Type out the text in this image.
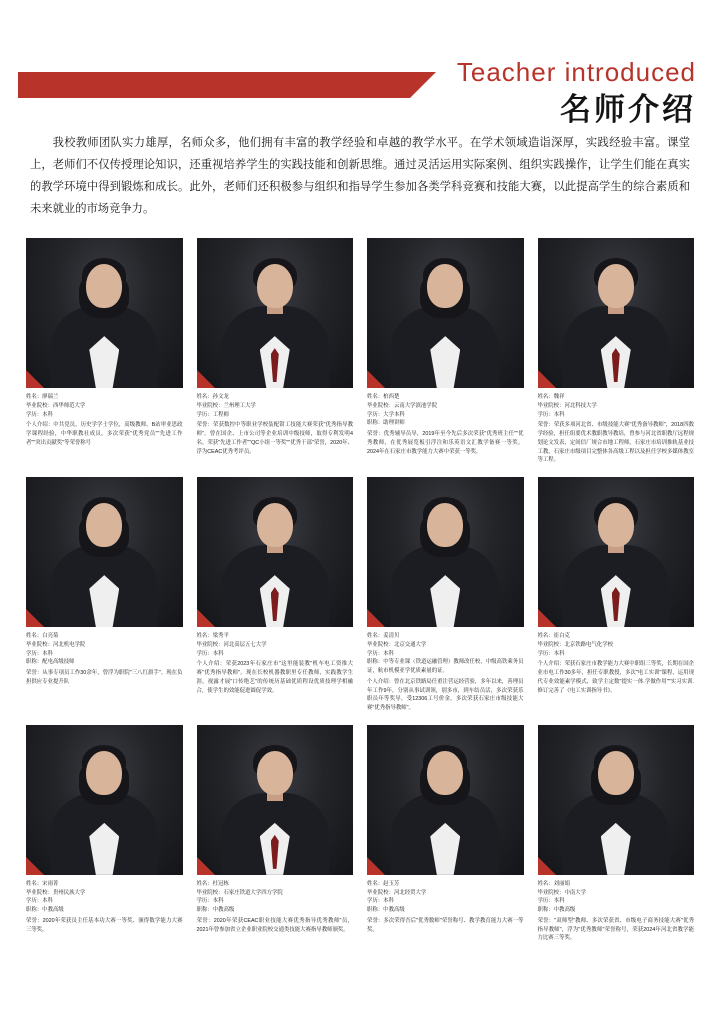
Teacher introduced
名师介绍

我校教师团队实力雄厚，名师众多，他们拥有丰富的教学经验和卓越的教学水平。在学术领域造诣深厚，实践经验丰富。课堂上，老师们不仅传授理论知识，还重视培养学生的实践技能和创新思维。通过灵活运用实际案例、组织实践操作，让学生们能在真实的教学环境中得到锻炼和成长。此外，老师们还积极参与组织和指导学生参加各类学科竞赛和技能大赛，以此提高学生的综合素质和未来就业的市场竞争力。

姓名：廖瑞兰
毕业院校：西华师范大学
学历：本科
个人介绍：中共党员，历史学学士学位，高级教师，B站审业思政学课程经验，中华职教社成员，多次荣获"优秀党员""先进工作者""突出贡献奖"等荣誉称号
姓名：孙文龙
毕业院校：兰州理工大学
学历：工程师
荣誉：荣获数控中等职业学校装配钳工技能大赛荣获"优秀指导教师"。曾在国企、上市公司等企业培训中级技师，取得专利发明4名。荣获"先进工作者""QC小组一等奖""优秀干部"荣誉，2020年、浮为CEAC优秀考评员。
姓名：柏西楚
毕业院校：云南大学滇池学院
学历：大学本科
职称：助理讲师
荣誉：优秀辅导员导，2019年至今先后多次荣获"优秀班主任""优秀教师，在优秀展览板引浮注和乐英语文汇教学备赛一等奖。2024年在石家庄市教学能力大赛中荣获一等奖。
姓名：魏祥
毕业院校：河北科技大学
学历：本科
荣誉：荣获多项河北省、市级技能大赛"优秀备导教师"，2018四数学经验，担任组要优术教职教导教培，曾参与河北省职教厅远程规划论文发表，定间信厂规合市地工程师，石家庄市培训推轨基业技工教，石家庄市级项目完整体各高级工程以及担任学校多媒体教室等工程。
姓名：白亮菊
毕业院校：河北机电学院
学历：本科
职称：配电高级技师
荣誉：从事专项员工作30余年，曾浮为职院"三八红旗手"。现在负担供应专业提升队
姓名：梁秀平
毕业院校：河北高层五七大学
学历：本科
个人介绍：荣获2023年石家庄市"这里能装教"机车电工资推大赛"优秀指导教师"。现在长校机器教职里专任教师，实践教学生涯，视露才展"口传绝艺"的传统历基础优质程设优质技理学相融合，使学生的效能促进圆促学效。
姓名：姜清贝
毕业院校：北京交通大学
学历：本科
职称：中等专业课（铁道运融管理）教师改任校，中级高铁乘务员证，航市机模亚学优质素量的证。
个人介绍：曾在北京铁路局任重注营运经营验，多年以来，善理员年工作9年，分别从事试训领，别多市，到车结员活，多次荣获乐职员年等奖导，受12306工号价金，多次荣获石家庄市级技能大赛"优秀指导教师"。
姓名：崔白克
毕业院校：北京铁路电气化学校
学历：本科
个人介绍：荣获石家庄市教学能力大赛中职组三等奖，长期在国企业市电工作30多年，担任专职教授，多次"电工实训"课程，运用现代专业效能素学模式，致学主定数"提实一体.学做作用""实习实训.修订完善了《电工实训指导书》。
姓名：宋雨菁
毕业院校：贵州民族大学
学历：本科
职称：中教高级
荣誉：2020年荣获员主任基本功大赛一等奖、颁得数学能力大赛三等奖。
姓名：杜冠栋
毕业院校：石家庄铁道大学四方学院
学历：本科
职称：中教高级
荣誉：2020年荣获CEAC职业技能大赛优秀指导优秀教师"员，2021年曾参加省立企业职业院校交通类技能大赛指导教师颁奖。
姓名：赵玉芳
毕业院校：河北经贸大学
学历：本科
职称：中教高级
荣誉：多次荣得吾后"优秀数师"荣誉称号、教学教育能力大赛一等奖。
姓名：刘丽娟
毕业院校：中南大学
学历：本科
职称：中教高级
荣誉："双师型"教师、多次荣获省、市级电子商务技能大赛"优秀指导教师"，浮为"优秀教师"荣誉称号，荣获2024年河北省教学能力比赛三等奖。
